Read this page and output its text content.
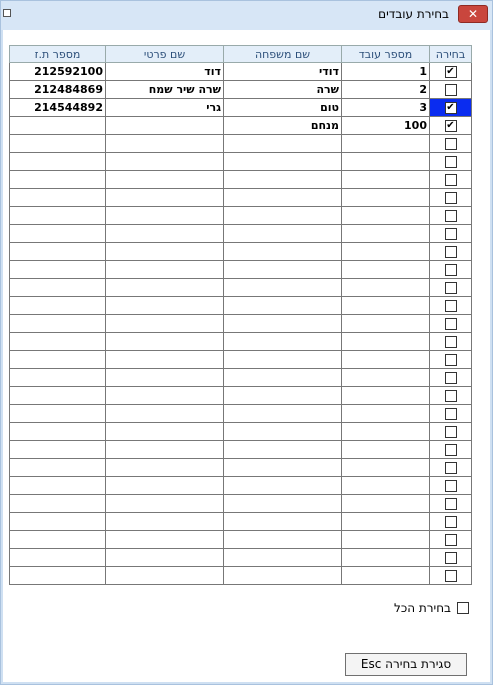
בחירת עובדים	✕
מספר ת.ז	שם פרטי	שם משפחה	מספר עובד	בחירה
212592100	דוד	דודי	1	✔
212484869	שרה שיר שמח	שרה	2	
214544892	גרי	טום	3	✔
		מנחם	100	✔

בחירת הכל
סגירת בחירה Esc
